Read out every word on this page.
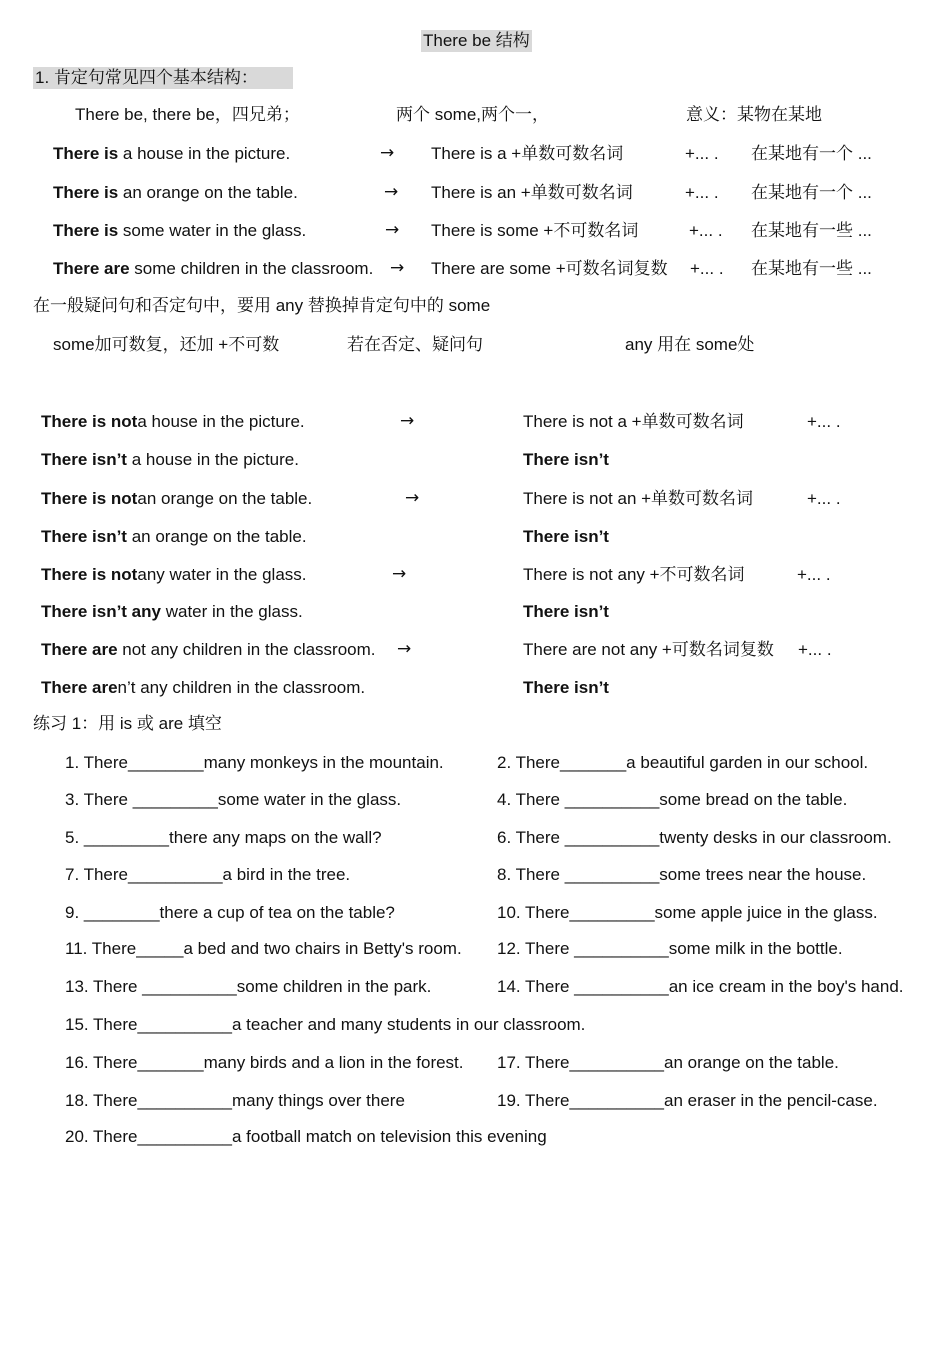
There be 结构
1. 肯定句常见四个基本结构：
There be, there be，四兄弟；	两个 some,两个一，	意义：某物在某地
There is a house in the picture.	→ There is a +单数可数名词	+... . 在某地有一个 ...
There is an orange on the table.	→ There is an +单数可数名词	+... . 在某地有一个 ...
There is some water in the glass.	→ There is some +不可数名词	+... . 在某地有一些 ...
There are some children in the classroom. → There are some +可数名词复数 +... . 在某地有一些 ...
在一般疑问句和否定句中，要用 any 替换掉肯定句中的 some
some加可数复，还加 +不可数	若在否定、疑问句	any 用在 some处
There is nota house in the picture.	→	There is not a +单数可数名词	+... .
There isn’t a house in the picture.	There isn’t
There is notan orange on the table.	→	There is not an +单数可数名词	+... .
There isn’t an orange on the table.	There isn’t
There is notany water in the glass.	→	There is not any +不可数名词	+... .
There isn’t any water in the glass.	There isn’t
There are not any children in the classroom. →	There are not any +可数名词复数 +... .
There aren’t any children in the classroom.	There isn’t
练习 1：用 is 或 are 填空
1. There________many monkeys in the mountain.	2. There_______a beautiful garden in our school.
3. There _________some water in the glass.	4. There __________some bread on the table.
5. _________there any maps on the wall?	6. There __________twenty desks in our classroom.
7. There__________a bird in the tree.	8. There __________some trees near the house.
9. ________there a cup of tea on the table?	10. There_________some apple juice in the glass.
11. There_____a bed and two chairs in Betty's room. 12. There __________some milk in the bottle.
13. There __________some children in the park.	14. There __________an ice cream in the boy's hand.
15. There__________a teacher and many students in our classroom.
16. There_______many birds and a lion in the forest. 17. There__________an orange on the table.
18. There__________many things over there	19. There__________an eraser in the pencil-case.
20. There__________a football match on television this evening
